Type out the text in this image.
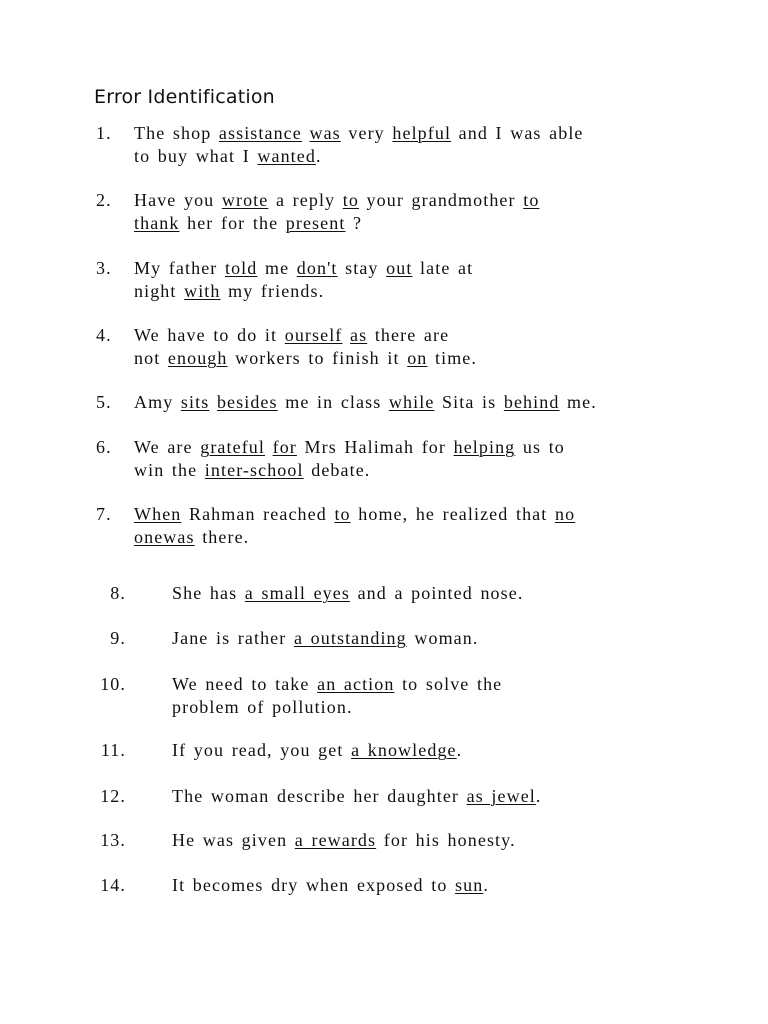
Error Identification
1. The shop assistance was very helpful and I was able
to buy what I wanted.
2. Have you wrote a reply to your grandmother to
thank her for the present ?
3. My father told me don't stay out late at
night with my friends.
4. We have to do it ourself as there are
not enough workers to finish it on time.
5. Amy sits besides me in class while Sita is behind me.
6. We are grateful for Mrs Halimah for helping us to
win the inter-school debate.
7. When Rahman reached to home, he realized that no
onewas there.
8.	She has a small eyes and a pointed nose.
9.	Jane is rather a outstanding woman.
10.	We need to take an action to solve the
problem of pollution.
11.	If you read, you get a knowledge.
12.	The woman describe her daughter as jewel.
13.	He was given a rewards for his honesty.
14.	It becomes dry when exposed to sun.
